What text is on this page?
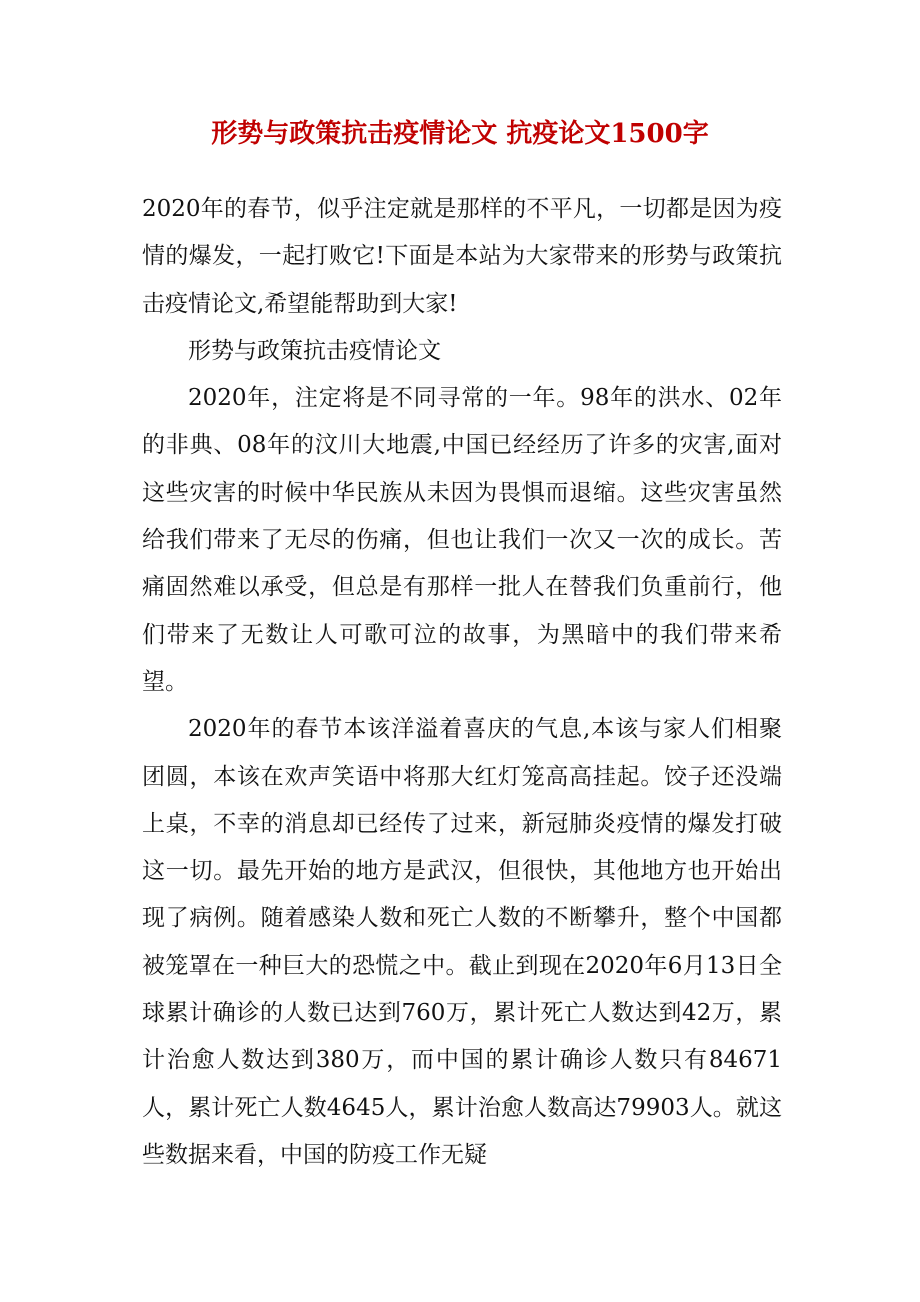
形势与政策抗击疫情论文 抗疫论文1500字

2020年的春节，似乎注定就是那样的不平凡，一切都是因为疫情的爆发，一起打败它!下面是本站为大家带来的形势与政策抗击疫情论文,希望能帮助到大家!

形势与政策抗击疫情论文

2020年，注定将是不同寻常的一年。98年的洪水、02年的非典、08年的汶川大地震,中国已经经历了许多的灾害,面对这些灾害的时候中华民族从未因为畏惧而退缩。这些灾害虽然给我们带来了无尽的伤痛，但也让我们一次又一次的成长。苦痛固然难以承受，但总是有那样一批人在替我们负重前行，他们带来了无数让人可歌可泣的故事，为黑暗中的我们带来希望。

2020年的春节本该洋溢着喜庆的气息,本该与家人们相聚团圆，本该在欢声笑语中将那大红灯笼高高挂起。饺子还没端上桌，不幸的消息却已经传了过来，新冠肺炎疫情的爆发打破这一切。最先开始的地方是武汉，但很快，其他地方也开始出现了病例。随着感染人数和死亡人数的不断攀升，整个中国都被笼罩在一种巨大的恐慌之中。截止到现在2020年6月13日全球累计确诊的人数已达到760万，累计死亡人数达到42万，累计治愈人数达到380万，而中国的累计确诊人数只有84671人，累计死亡人数4645人，累计治愈人数高达79903人。就这些数据来看，中国的防疫工作无疑
